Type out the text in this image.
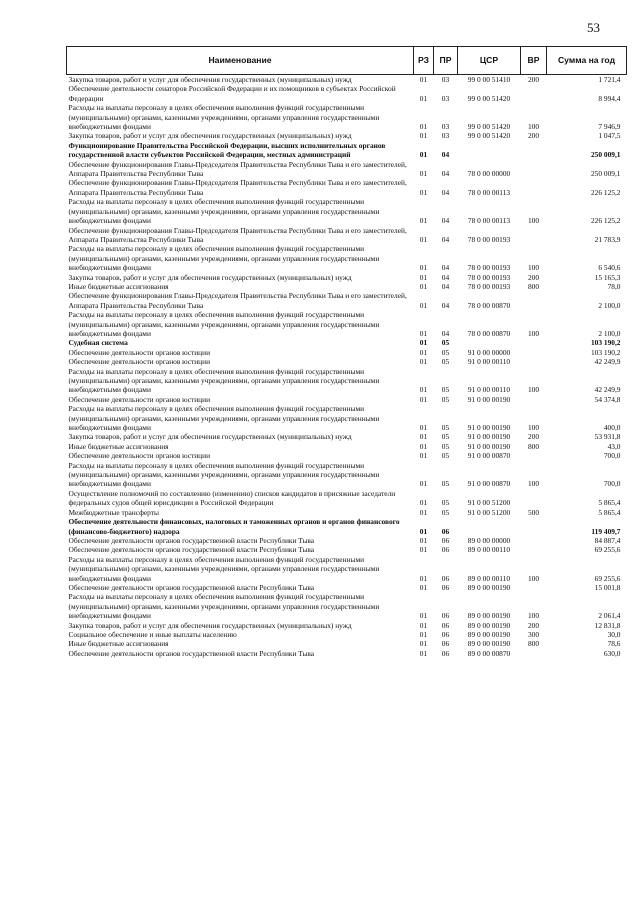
53
Наименование	РЗ	ПР	ЦСР	ВР	Сумма на год
Закупка товаров, работ и услуг для обеспечения государственных (муниципальных) нужд	01	03	99 0 00 51410	200	1 721,4
Обеспечение деятельности сенаторов Российской Федерации и их помощников в субъектах Российской Федерации	01	03	99 0 00 51420		8 994,4
Расходы на выплаты персоналу в целях обеспечения выполнения функций государственными (муниципальными) органами, казенными учреждениями, органами управления государственными внебюджетными фондами	01	03	99 0 00 51420	100	7 946,9
Закупка товаров, работ и услуг для обеспечения государственных (муниципальных) нужд	01	03	99 0 00 51420	200	1 047,5
Функционирование Правительства Российской Федерации, высших исполнительных органов государственной власти субъектов Российской Федерации, местных администраций	01	04			250 009,1
Обеспечение функционирования Главы-Председателя Правительства Республики Тыва и его заместителей, Аппарата Правительства Республики Тыва	01	04	78 0 00 00000		250 009,1
Обеспечение функционирования Главы-Председателя Правительства Республики Тыва и его заместителей, Аппарата Правительства Республики Тыва	01	04	78 0 00 00113		226 125,2
Расходы на выплаты персоналу в целях обеспечения выполнения функций государственными (муниципальными) органами, казенными учреждениями, органами управления государственными внебюджетными фондами	01	04	78 0 00 00113	100	226 125,2
Обеспечение функционирования Главы-Председателя Правительства Республики Тыва и его заместителей, Аппарата Правительства Республики Тыва	01	04	78 0 00 00193		21 783,9
Расходы на выплаты персоналу в целях обеспечения выполнения функций государственными (муниципальными) органами, казенными учреждениями, органами управления государственными внебюджетными фондами	01	04	78 0 00 00193	100	6 540,6
Закупка товаров, работ и услуг для обеспечения государственных (муниципальных) нужд	01	04	78 0 00 00193	200	15 165,3
Иные бюджетные ассигнования	01	04	78 0 00 00193	800	78,0
Обеспечение функционирования Главы-Председателя Правительства Республики Тыва и его заместителей, Аппарата Правительства Республики Тыва	01	04	78 0 00 00870		2 100,0
Расходы на выплаты персоналу в целях обеспечения выполнения функций государственными (муниципальными) органами, казенными учреждениями, органами управления государственными внебюджетными фондами	01	04	78 0 00 00870	100	2 100,0
Судебная система	01	05			103 190,2
Обеспечение деятельности органов юстиции	01	05	91 0 00 00000		103 190,2
Обеспечение деятельности органов юстиции	01	05	91 0 00 00110		42 249,9
Расходы на выплаты персоналу в целях обеспечения выполнения функций государственными (муниципальными) органами, казенными учреждениями, органами управления государственными внебюджетными фондами	01	05	91 0 00 00110	100	42 249,9
Обеспечение деятельности органов юстиции	01	05	91 0 00 00190		54 374,8
Расходы на выплаты персоналу в целях обеспечения выполнения функций государственными (муниципальными) органами, казенными учреждениями, органами управления государственными внебюджетными фондами	01	05	91 0 00 00190	100	400,0
Закупка товаров, работ и услуг для обеспечения государственных (муниципальных) нужд	01	05	91 0 00 00190	200	53 931,8
Иные бюджетные ассигнования	01	05	91 0 00 00190	800	43,0
Обеспечение деятельности органов юстиции	01	05	91 0 00 00870		700,0
Расходы на выплаты персоналу в целях обеспечения выполнения функций государственными (муниципальными) органами, казенными учреждениями, органами управления государственными внебюджетными фондами	01	05	91 0 00 00870	100	700,0
Осуществление полномочий по составлению (изменению) списков кандидатов в присяжные заседатели федеральных судов общей юрисдикции в Российской Федерации	01	05	91 0 00 51200		5 865,4
Межбюджетные трансферты	01	05	91 0 00 51200	500	5 865,4
Обеспечение деятельности финансовых, налоговых и таможенных органов и органов финансового (финансово-бюджетного) надзора	01	06			119 409,7
Обеспечение деятельности органов государственной власти Республики Тыва	01	06	89 0 00 00000		84 887,4
Обеспечение деятельности органов государственной власти Республики Тыва	01	06	89 0 00 00110		69 255,6
Расходы на выплаты персоналу в целях обеспечения выполнения функций государственными (муниципальными) органами, казенными учреждениями, органами управления государственными внебюджетными фондами	01	06	89 0 00 00110	100	69 255,6
Обеспечение деятельности органов государственной власти Республики Тыва	01	06	89 0 00 00190		15 001,8
Расходы на выплаты персоналу в целях обеспечения выполнения функций государственными (муниципальными) органами, казенными учреждениями, органами управления государственными внебюджетными фондами	01	06	89 0 00 00190	100	2 061,4
Закупка товаров, работ и услуг для обеспечения государственных (муниципальных) нужд	01	06	89 0 00 00190	200	12 831,8
Социальное обеспечение и иные выплаты населению	01	06	89 0 00 00190	300	30,0
Иные бюджетные ассигнования	01	06	89 0 00 00190	800	78,6
Обеспечение деятельности органов государственной власти Республики Тыва	01	06	89 0 00 00870		630,0
